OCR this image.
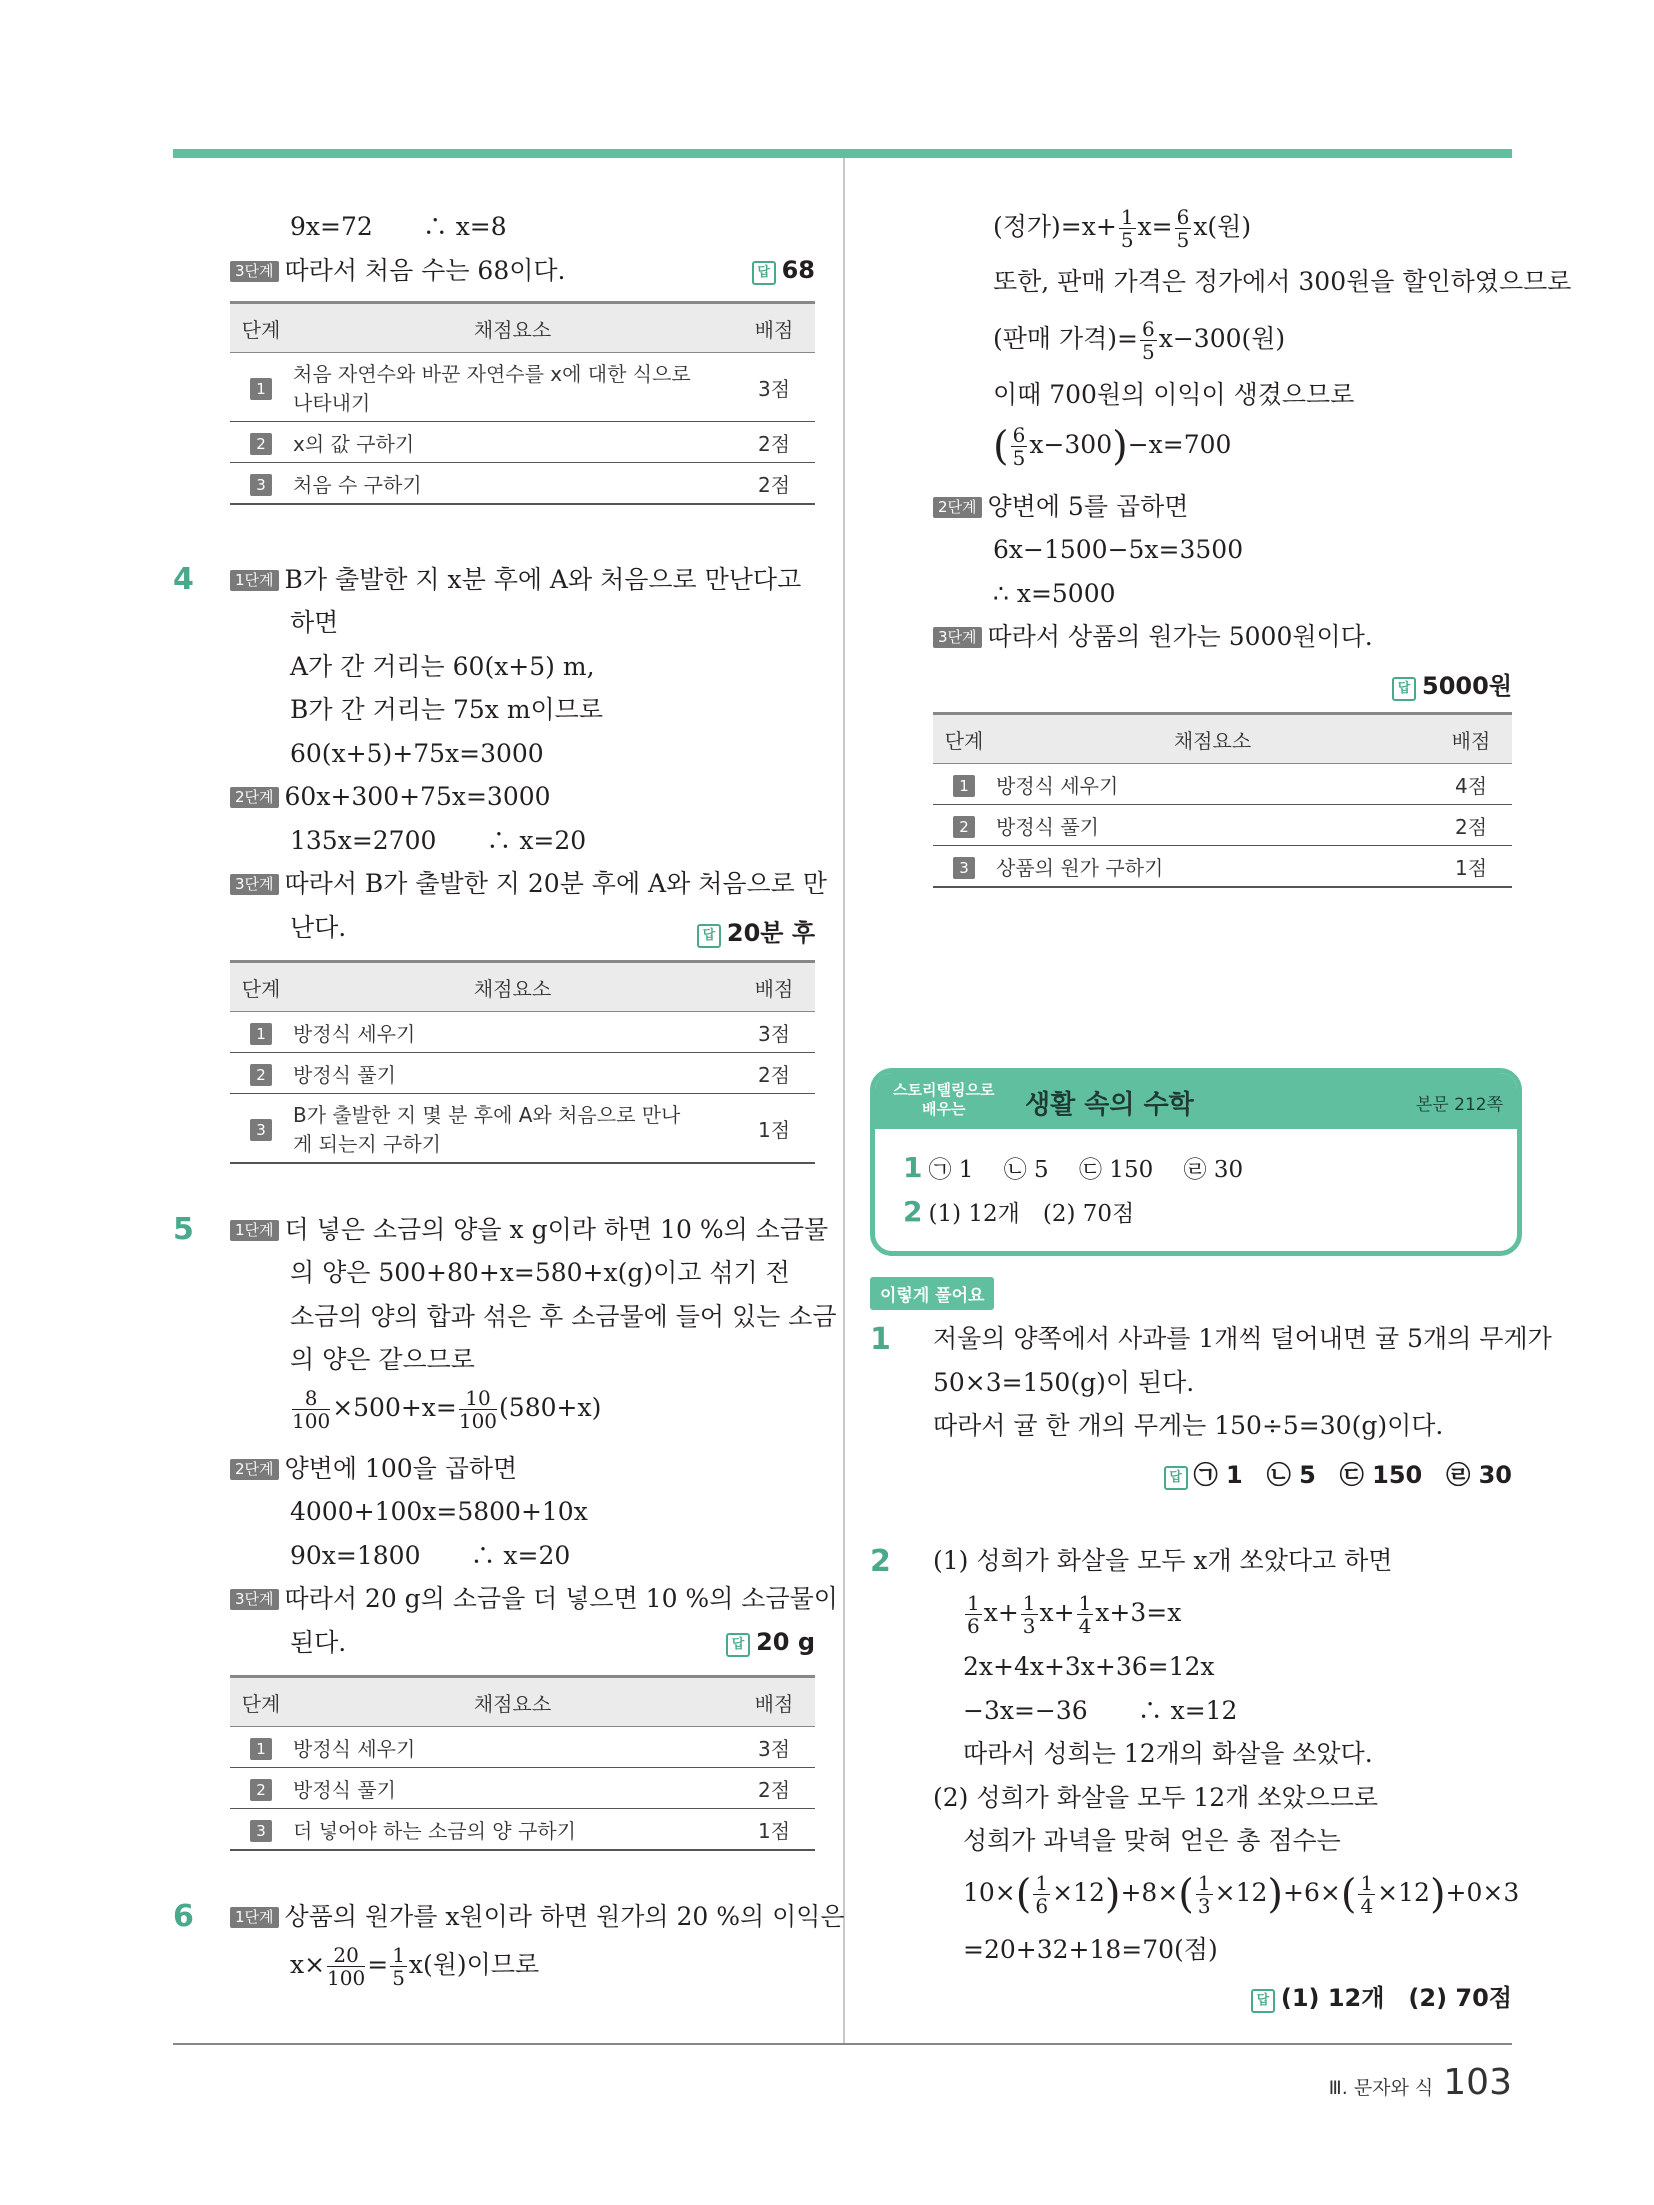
9x=72　　∴ x=8
3단계 따라서 처음 수는 68이다.	답 68
단계	채점요소	배점
1	처음 자연수와 바꾼 자연수를 x에 대한 식으로 나타내기	3점
2	x의 값 구하기	2점
3	처음 수 구하기	2점
4	1단계 B가 출발한 지 x분 후에 A와 처음으로 만난다고
하면
A가 간 거리는 60(x+5) m,
B가 간 거리는 75x m이므로
60(x+5)+75x=3000
2단계 60x+300+75x=3000
135x=2700　　∴ x=20
3단계 따라서 B가 출발한 지 20분 후에 A와 처음으로 만
난다.	답 20분 후
단계	채점요소	배점
1	방정식 세우기	3점
2	방정식 풀기	2점
3	B가 출발한 지 몇 분 후에 A와 처음으로 만나게 되는지 구하기	1점
5	1단계 더 넣은 소금의 양을 x g이라 하면 10 %의 소금물
의 양은 500+80+x=580+x(g)이고 섞기 전
소금의 양의 합과 섞은 후 소금물에 들어 있는 소금
의 양은 같으므로
$\frac{8}{100} \times 500+x= \frac{10}{100} (580+x)$
2단계 양변에 100을 곱하면
4000+100x=5800+10x
90x=1800　　∴ x=20
3단계 따라서 20 g의 소금을 더 넣으면 10 %의 소금물이
된다.	답 20 g
단계	채점요소	배점
1	방정식 세우기	3점
2	방정식 풀기	2점
3	더 넣어야 하는 소금의 양 구하기	1점
6	1단계 상품의 원가를 x원이라 하면 원가의 20 %의 이익은
$x\times \frac{20}{100} = \frac{1}{5} x$(원)이므로
(정가)$=x+ \frac{1}{5} x= \frac{6}{5} x$(원)
또한, 판매 가격은 정가에서 300원을 할인하였으므로
(판매 가격)= $\frac{6}{5} x-300$(원)
이때 700원의 이익이 생겼으므로
( $\frac{6}{5} x-300)-x=700$
2단계 양변에 5를 곱하면
6x−1500−5x=3500
∴ x=5000
3단계 따라서 상품의 원가는 5000원이다.
답 5000원
단계	채점요소	배점
1	방정식 세우기	4점
2	방정식 풀기	2점
3	상품의 원가 구하기	1점
스토리텔링으로
배우는	생활 속의 수학	본문 212쪽
1 ㉠ 1　 ㉡ 5　 ㉢ 150　 ㉣ 30
2 (1) 12개　(2) 70점
이렇게 풀어요
1 저울의 양쪽에서 사과를 1개씩 덜어내면 귤 5개의 무게가
50×3=150(g)이 된다.
따라서 귤 한 개의 무게는 150÷5=30(g)이다.
답 ㉠ 1　㉡ 5　㉢ 150　㉣ 30
2 (1) 성희가 화살을 모두 x개 쏘았다고 하면
$\frac{1}{6} x+ \frac{1}{3} x+ \frac{1}{4} x+3=x$
2x+4x+3x+36=12x
−3x=−36　　∴ x=12
따라서 성희는 12개의 화살을 쏘았다.
(2) 성희가 화살을 모두 12개 쏘았으므로
성희가 과녁을 맞혀 얻은 총 점수는
$10\times( \frac{1}{6} \times 12)+8\times( \frac{1}{3} \times 12)+6\times( \frac{1}{4} \times 12)+0\times 3$
=20+32+18=70(점)
답 (1) 12개　(2) 70점
Ⅲ. 문자와 식 103
